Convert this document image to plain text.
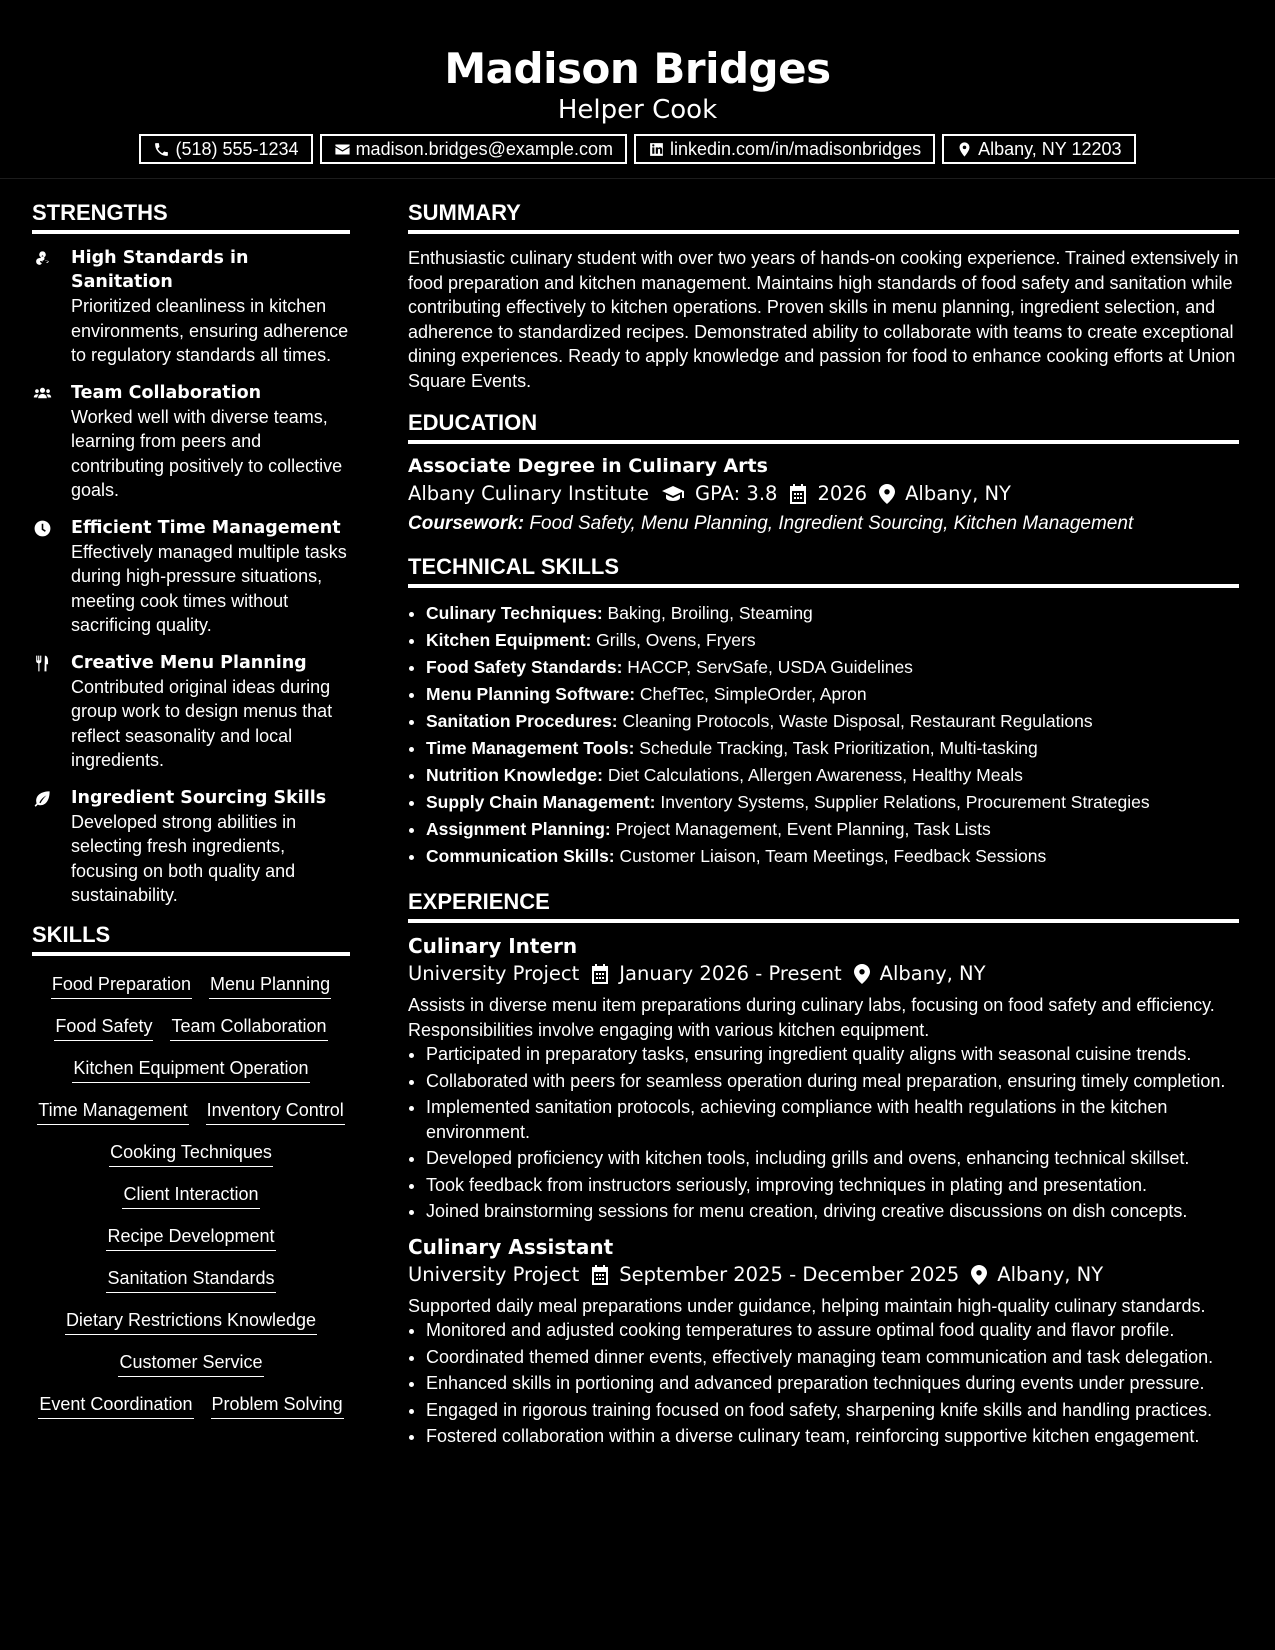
Madison Bridges
Helper Cook
(518) 555-1234	madison.bridges@example.com	linkedin.com/in/madisonbridges	Albany, NY 12203
STRENGTHS
High Standards in Sanitation
Prioritized cleanliness in kitchen environments, ensuring adherence to regulatory standards all times.
Team Collaboration
Worked well with diverse teams, learning from peers and contributing positively to collective goals.
Efficient Time Management
Effectively managed multiple tasks during high-pressure situations, meeting cook times without sacrificing quality.
Creative Menu Planning
Contributed original ideas during group work to design menus that reflect seasonality and local ingredients.
Ingredient Sourcing Skills
Developed strong abilities in selecting fresh ingredients, focusing on both quality and sustainability.
SKILLS
Food Preparation Menu Planning
Food Safety Team Collaboration
Kitchen Equipment Operation
Time Management Inventory Control
Cooking Techniques
Client Interaction
Recipe Development
Sanitation Standards
Dietary Restrictions Knowledge
Customer Service
Event Coordination Problem Solving
SUMMARY
Enthusiastic culinary student with over two years of hands-on cooking experience. Trained extensively in food preparation and kitchen management. Maintains high standards of food safety and sanitation while contributing effectively to kitchen operations. Proven skills in menu planning, ingredient selection, and adherence to standardized recipes. Demonstrated ability to collaborate with teams to create exceptional dining experiences. Ready to apply knowledge and passion for food to enhance cooking efforts at Union Square Events.
EDUCATION
Associate Degree in Culinary Arts
Albany Culinary Institute GPA: 3.8 2026 Albany, NY
Coursework: Food Safety, Menu Planning, Ingredient Sourcing, Kitchen Management
TECHNICAL SKILLS
• Culinary Techniques: Baking, Broiling, Steaming
• Kitchen Equipment: Grills, Ovens, Fryers
• Food Safety Standards: HACCP, ServSafe, USDA Guidelines
• Menu Planning Software: ChefTec, SimpleOrder, Apron
• Sanitation Procedures: Cleaning Protocols, Waste Disposal, Restaurant Regulations
• Time Management Tools: Schedule Tracking, Task Prioritization, Multi-tasking
• Nutrition Knowledge: Diet Calculations, Allergen Awareness, Healthy Meals
• Supply Chain Management: Inventory Systems, Supplier Relations, Procurement Strategies
• Assignment Planning: Project Management, Event Planning, Task Lists
• Communication Skills: Customer Liaison, Team Meetings, Feedback Sessions
EXPERIENCE
Culinary Intern
University Project January 2026 - Present Albany, NY
Assists in diverse menu item preparations during culinary labs, focusing on food safety and efficiency. Responsibilities involve engaging with various kitchen equipment.
• Participated in preparatory tasks, ensuring ingredient quality aligns with seasonal cuisine trends.
• Collaborated with peers for seamless operation during meal preparation, ensuring timely completion.
• Implemented sanitation protocols, achieving compliance with health regulations in the kitchen environment.
• Developed proficiency with kitchen tools, including grills and ovens, enhancing technical skillset.
• Took feedback from instructors seriously, improving techniques in plating and presentation.
• Joined brainstorming sessions for menu creation, driving creative discussions on dish concepts.
Culinary Assistant
University Project September 2025 - December 2025 Albany, NY
Supported daily meal preparations under guidance, helping maintain high-quality culinary standards.
• Monitored and adjusted cooking temperatures to assure optimal food quality and flavor profile.
• Coordinated themed dinner events, effectively managing team communication and task delegation.
• Enhanced skills in portioning and advanced preparation techniques during events under pressure.
• Engaged in rigorous training focused on food safety, sharpening knife skills and handling practices.
• Fostered collaboration within a diverse culinary team, reinforcing supportive kitchen engagement.
